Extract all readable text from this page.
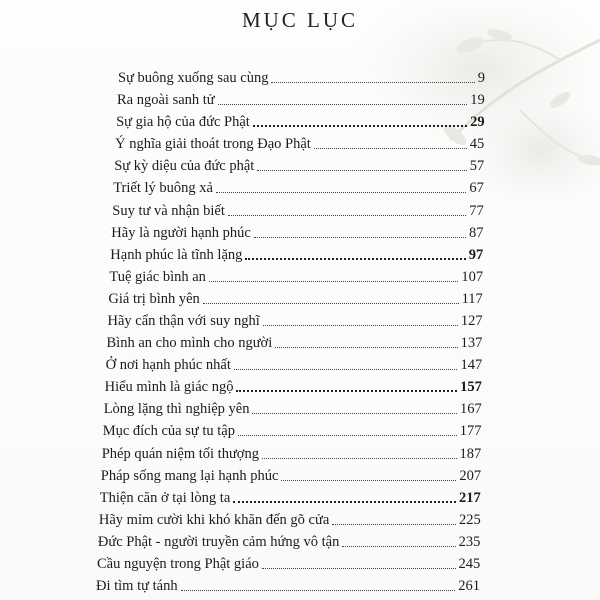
MỤC LỤC
Sự buông xuống sau cùng	9
Ra ngoài sanh tử	19
Sự gia hộ của đức Phật	29
Ý nghĩa giải thoát trong Đạo Phật	45
Sự kỳ diệu của đức phật	57
Triết lý buông xả	67
Suy tư và nhận biết	77
Hãy là người hạnh phúc	87
Hạnh phúc là tĩnh lặng	97
Tuệ giác bình an	107
Giá trị bình yên	117
Hãy cẩn thận với suy nghĩ	127
Bình an cho mình cho người	137
Ở nơi hạnh phúc nhất	147
Hiểu mình là giác ngộ	157
Lòng lặng thì nghiệp yên	167
Mục đích của sự tu tập	177
Phép quán niệm tối thượng	187
Pháp sống mang lại hạnh phúc	207
Thiện căn ở tại lòng ta	217
Hãy mỉm cười khi khó khăn đến gõ cửa	225
Đức Phật - người truyền cảm hứng vô tận	235
Cầu nguyện trong Phật giáo	245
Đi tìm tự tánh	261
